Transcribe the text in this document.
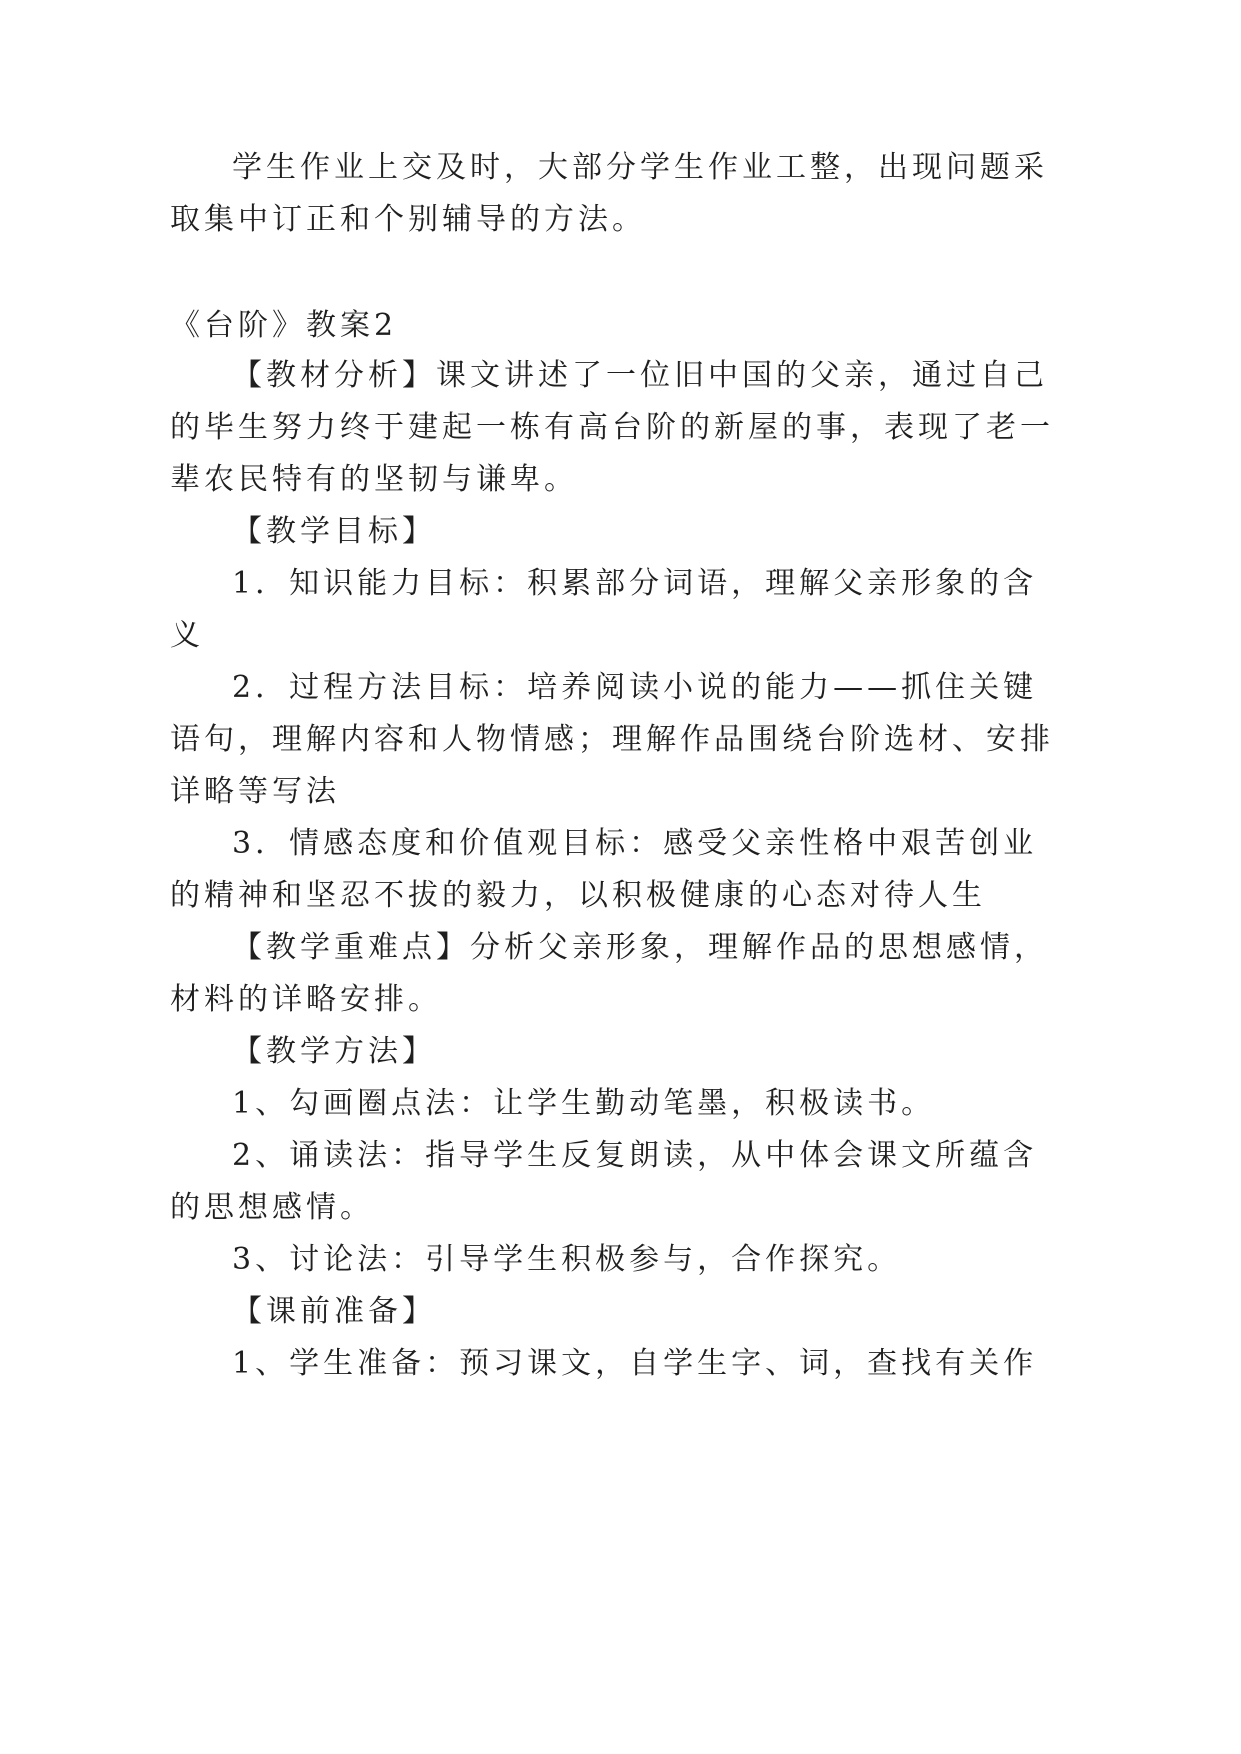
学生作业上交及时，大部分学生作业工整，出现问题采
取集中订正和个别辅导的方法。
《台阶》教案2
【教材分析】课文讲述了一位旧中国的父亲，通过自己
的毕生努力终于建起一栋有高台阶的新屋的事，表现了老一
辈农民特有的坚韧与谦卑。
【教学目标】
1．知识能力目标：积累部分词语，理解父亲形象的含
义
2．过程方法目标：培养阅读小说的能力——抓住关键
语句，理解内容和人物情感；理解作品围绕台阶选材、安排
详略等写法
3．情感态度和价值观目标：感受父亲性格中艰苦创业
的精神和坚忍不拔的毅力，以积极健康的心态对待人生
【教学重难点】分析父亲形象，理解作品的思想感情，
材料的详略安排。
【教学方法】
1、勾画圈点法：让学生勤动笔墨，积极读书。
2、诵读法：指导学生反复朗读，从中体会课文所蕴含
的思想感情。
3、讨论法：引导学生积极参与，合作探究。
【课前准备】
1、学生准备：预习课文，自学生字、词，查找有关作
